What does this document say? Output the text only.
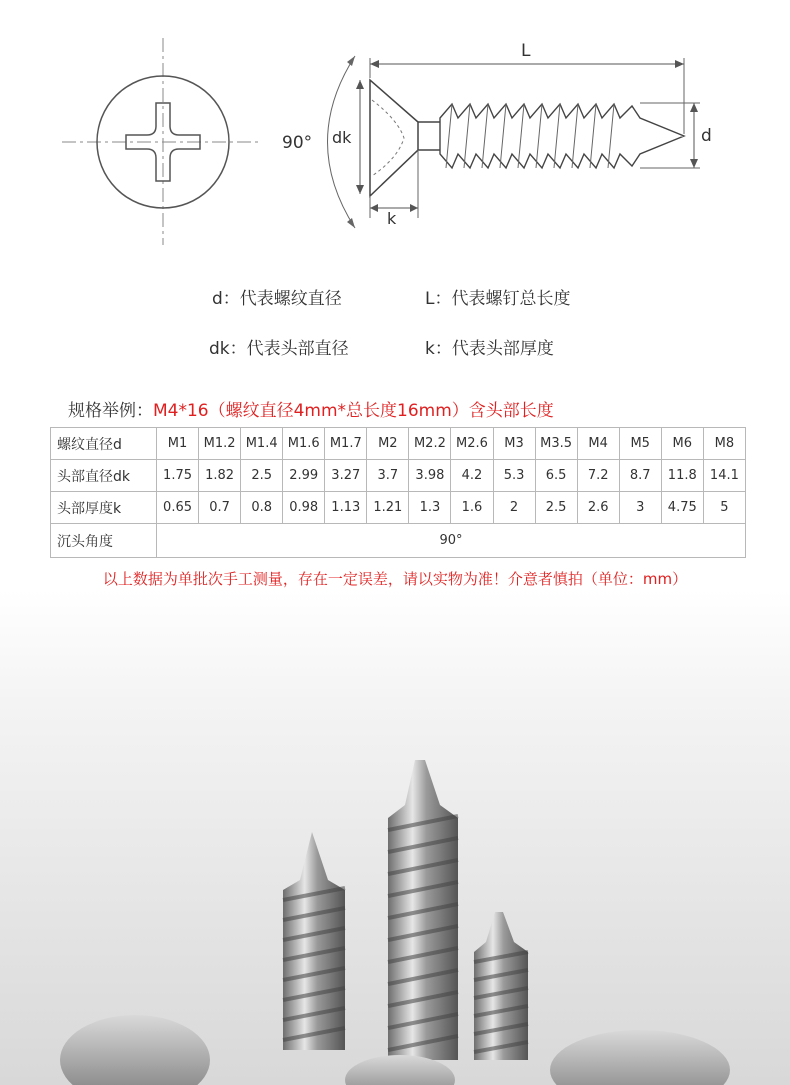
90° dk
L
d
k
d：代表螺纹直径	L：代表螺钉总长度
dk：代表头部直径	k：代表头部厚度
规格举例：M4*16（螺纹直径4mm*总长度16mm）含头部长度
螺纹直径d	M1	M1.2	M1.4	M1.6	M1.7	M2	M2.2	M2.6	M3	M3.5	M4	M5	M6	M8
头部直径dk	1.75	1.82	2.5	2.99	3.27	3.7	3.98	4.2	5.3	6.5	7.2	8.7	11.8	14.1
头部厚度k	0.65	0.7	0.8	0.98	1.13	1.21	1.3	1.6	2	2.5	2.6	3	4.75	5
沉头角度	90°													
以上数据为单批次手工测量，存在一定误差，请以实物为准！介意者慎拍（单位：mm）
